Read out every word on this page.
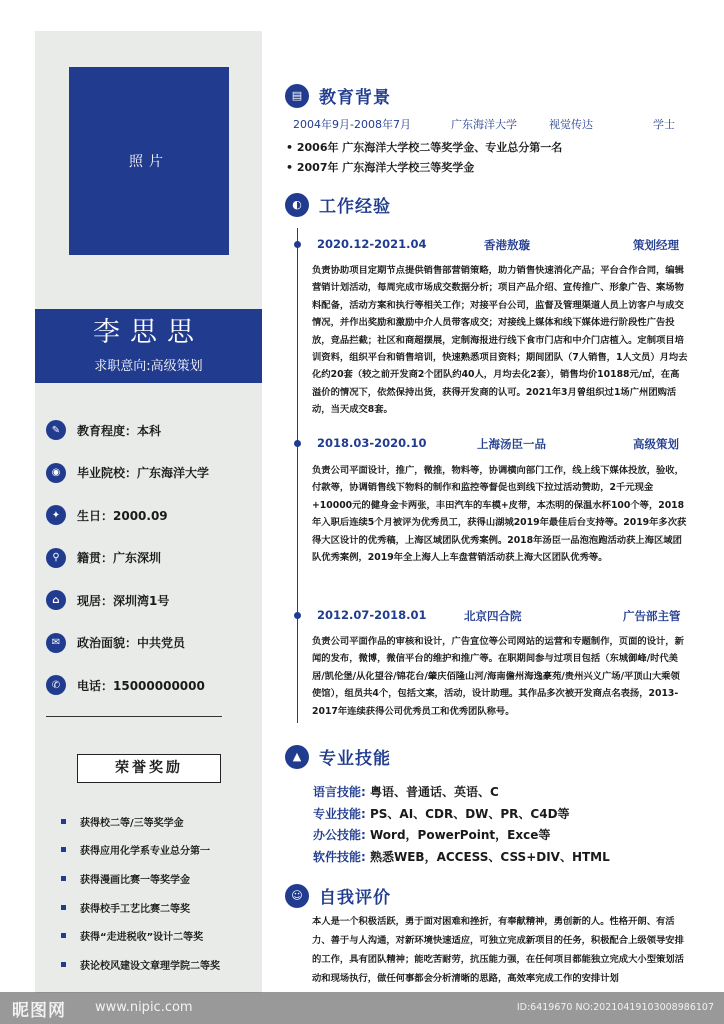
照片
李思思
求职意向:高级策划
✎	教育程度：本科
◉	毕业院校：广东海洋大学
✦	生日：2000.09
⚲	籍贯：广东深圳
⌂	现居：深圳湾1号
✉	政治面貌：中共党员
✆	电话：15000000000
荣誉奖励
获得校二等/三等奖学金
获得应用化学系专业总分第一
获得漫画比赛一等奖学金
获得校手工艺比赛二等奖
获得“走进税收”设计二等奖
获论校风建设文章理学院二等奖
▤ 教育背景
2004年9月-2008年7月	广东海洋大学	视觉传达	学士
• 2006年 广东海洋大学校二等奖学金、专业总分第一名
• 2007年 广东海洋大学校三等奖学金
◐	工作经验
2020.12-2021.04	香港敖璇	策划经理
负责协助项目定期节点提供销售部营销策略，助力销售快速消化产品；平台合作合同，编辑营销计划活动，每周完成市场成交数据分析；项目产品介绍、宣传推广、形象广告、案场物料配备，活动方案和执行等相关工作；对接平台公司，监督及管理渠道人员上访客户与成交情况，并作出奖励和激励中介人员带客成交；对接线上媒体和线下媒体进行阶段性广告投放，竞品拦截；社区和商超摆展，定制海报进行线下食市门店和中介门店植入。定制项目培训资料，组织平台和销售培训，快速熟悉项目资料；期间团队（7人销售，1人文员）月均去化约20套（较之前开发商2个团队约40人，月均去化2套），销售均价10188元/㎡，在高溢价的情况下，依然保持出货，获得开发商的认可。2021年3月曾组织过1场广州团购活动，当天成交8套。
2018.03-2020.10	上海汤臣一品	高级策划
负责公司平面设计，推广，微推，物料等，协调横向部门工作，线上线下媒体投放，验收，付款等，协调销售线下物料的制作和监控等督促也到线下拉过活动赞助，2千元现金+10000元的健身金卡两张，丰田汽车的车模+皮带，本杰明的保温水杯100个等，2018年入职后连续5个月被评为优秀员工，获得山湖城2019年最佳后台支持等。2019年多次获得大区设计的优秀稿，上海区域团队优秀案例。2018年汤臣一品泡泡跑活动获上海区域团队优秀案例，2019年全上海人上车盘营销活动获上海大区团队优秀等。
2012.07-2018.01	北京四合院	广告部主管
负责公司平面作品的审核和设计，广告宣位等公司网站的运营和专题制作，页面的设计，新闻的发布，微博，微信平台的维护和推广等。在职期间参与过项目包括（东城御峰/时代美居/凯伦堡/从化望谷/锦花台/肇庆佰隆山河/海南儋州海逸豪苑/贵州兴义广场/平顶山大乘领使馆），组员共4个，包括文案，活动，设计助理。其作品多次被开发商点名表扬，2013-2017年连续获得公司优秀员工和优秀团队称号。
▲	专业技能
语言技能: 粤语、普通话、英语、C
专业技能: PS、AI、CDR、DW、PR、C4D等
办公技能: Word，PowerPoint，Exce等
软件技能: 熟悉WEB，ACCESS、CSS+DIV、HTML
☺ 自我评价
本人是一个积极活跃，勇于面对困难和挫折，有奉献精神，勇创新的人。性格开朗、有活力、善于与人沟通，对新环境快速适应，可独立完成新项目的任务，积极配合上级领导安排的工作，具有团队精神；能吃苦耐劳，抗压能力强，在任何项目都能独立完成大小型策划活动和现场执行，做任何事都会分析清晰的思路，高效率完成工作的安排计划
昵图网 www.nipic.com	ID:6419670 NO:20210419103008986107
